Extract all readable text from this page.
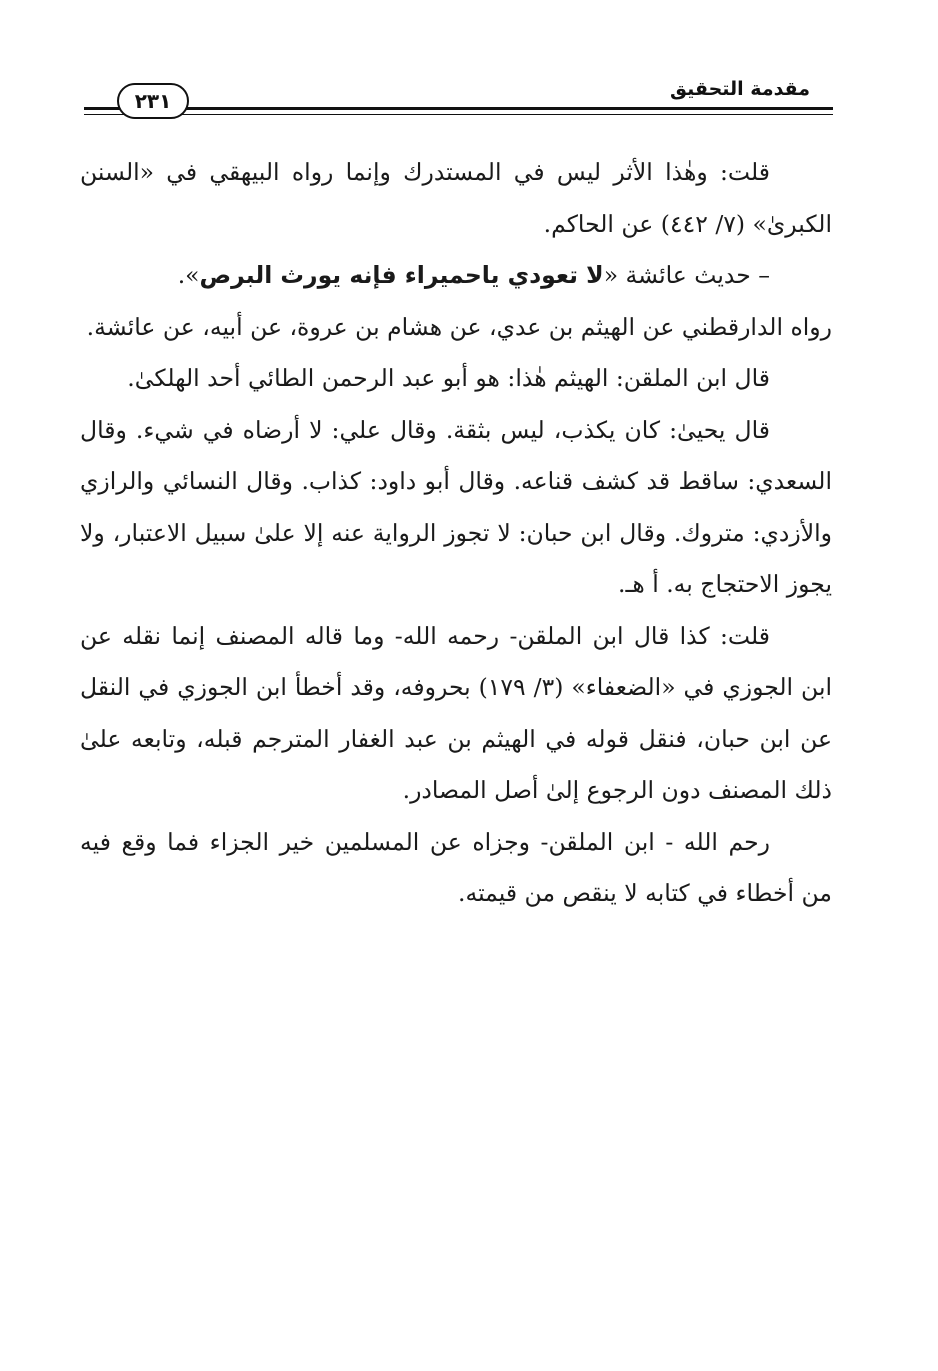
مقدمة التحقيق
٢٣١

قلت: وهٰذا الأثر ليس في المستدرك وإنما رواه البيهقي في «السنن الكبرىٰ» (٧/ ٤٤٢) عن الحاكم.

– حديث عائشة «لا تعودي ياحميراء فإنه يورث البرص».

رواه الدارقطني عن الهيثم بن عدي، عن هشام بن عروة، عن أبيه، عن عائشة.

قال ابن الملقن: الهيثم هٰذا: هو أبو عبد الرحمن الطائي أحد الهلكىٰ.

قال يحيىٰ: كان يكذب، ليس بثقة. وقال علي: لا أرضاه في شيء. وقال السعدي: ساقط قد كشف قناعه. وقال أبو داود: كذاب. وقال النسائي والرازي والأزدي: متروك. وقال ابن حبان: لا تجوز الرواية عنه إلا علىٰ سبيل الاعتبار، ولا يجوز الاحتجاج به. أ هـ.

قلت: كذا قال ابن الملقن- رحمه الله- وما قاله المصنف إنما نقله عن ابن الجوزي في «الضعفاء» (٣/ ١٧٩) بحروفه، وقد أخطأ ابن الجوزي في النقل عن ابن حبان، فنقل قوله في الهيثم بن عبد الغفار المترجم قبله، وتابعه علىٰ ذلك المصنف دون الرجوع إلىٰ أصل المصادر.

رحم الله - ابن الملقن- وجزاه عن المسلمين خير الجزاء فما وقع فيه من أخطاء في كتابه لا ينقص من قيمته.
